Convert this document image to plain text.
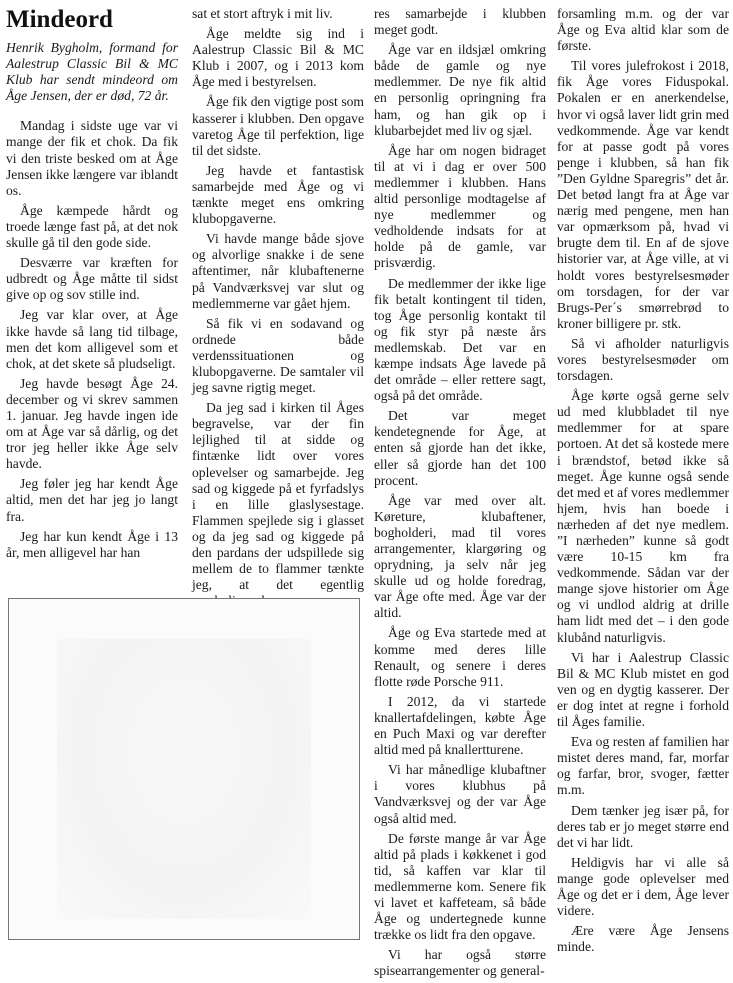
Mindeord

Henrik Bygholm, formand for Aalestrup Classic Bil & MC Klub har sendt mindeord om Åge Jensen, der er død, 72 år.

Mandag i sidste uge var vi mange der fik et chok. Da fik vi den triste besked om at Åge Jensen ikke længere var iblandt os.

Åge kæmpede hårdt og troede længe fast på, at det nok skulle gå til den gode side.

Desværre var kræften for udbredt og Åge måtte til sidst give op og sov stille ind.

Jeg var klar over, at Åge ikke havde så lang tid tilbage, men det kom alligevel som et chok, at det skete så pludseligt.

Jeg havde besøgt Åge 24. december og vi skrev sammen 1. januar. Jeg havde ingen ide om at Åge var så dårlig, og det tror jeg heller ikke Åge selv havde.

Jeg føler jeg har kendt Åge altid, men det har jeg jo langt fra.

Jeg har kun kendt Åge i 13 år, men alligevel har han

sat et stort aftryk i mit liv.

Åge meldte sig ind i Aalestrup Classic Bil & MC Klub i 2007, og i 2013 kom Åge med i bestyrelsen.

Åge fik den vigtige post som kasserer i klubben. Den opgave varetog Åge til perfektion, lige til det sidste.

Jeg havde et fantastisk samarbejde med Åge og vi tænkte meget ens omkring klubopgaverne.

Vi havde mange både sjove og alvorlige snakke i de sene aftentimer, når klubaftenerne på Vandværksvej var slut og medlemmerne var gået hjem.

Så fik vi en sodavand og ordnede både verdenssituationen og klubopgaverne. De samtaler vil jeg savne rigtig meget.

Da jeg sad i kirken til Åges begravelse, var der fin lejlighed til at sidde og fintænke lidt over vores oplevelser og samarbejde. Jeg sad og kiggede på et fyrfadslys i en lille glaslysestage. Flammen spejlede sig i glasset og da jeg sad og kiggede på den pardans der udspillede sig mellem de to flammer tænkte jeg, at det egentlig

res samarbejde i klubben meget godt.

Åge var en ildsjæl omkring både de gamle og nye medlemmer. De nye fik altid en personlig opringning fra ham, og han gik op i klubarbejdet med liv og sjæl.

Åge har om nogen bidraget til at vi i dag er over 500 medlemmer i klubben. Hans altid personlige modtagelse af nye medlemmer og vedholdende indsats for at holde på de gamle, var prisværdig.

De medlemmer der ikke lige fik betalt kontingent til tiden, tog Åge personlig kontakt til og fik styr på næste års medlemskab. Det var en kæmpe indsats Åge lavede på det område – eller rettere sagt, også på det område.

Det var meget kendetegnende for Åge, at enten så gjorde han det ikke, eller så gjorde han det 100 procent.

Åge var med over alt. Køreture, klubaftener, bogholderi, mad til vores arrangementer, klargøring og oprydning, ja selv når jeg skulle ud og holde foredrag, var Åge ofte med. Åge var der altid.

Åge og Eva startede med at komme med deres lille Renault, og senere i deres flotte røde Porsche 911.

I 2012, da vi startede knallertafdelingen, købte Åge en Puch Maxi og var derefter altid med på knallertturene.

Vi har månedlige klubaftner i vores klubhus på Vandværksvej og der var Åge også altid med.

De første mange år var Åge altid på plads i køkkenet i god tid, så kaffen var klar til medlemmerne kom. Senere fik vi lavet et kaffeteam, så både Åge og undertegnede kunne trække os lidt fra den opgave.

Vi har også større spisearrangementer og general-

forsamling m.m. og der var Åge og Eva altid klar som de første.

Til vores julefrokost i 2018, fik Åge vores Fiduspokal. Pokalen er en anerkendelse, hvor vi også laver lidt grin med vedkommende. Åge var kendt for at passe godt på vores penge i klubben, så han fik ”Den Gyldne Sparegris” det år. Det betød langt fra at Åge var nærig med pengene, men han var opmærksom på, hvad vi brugte dem til. En af de sjove historier var, at Åge ville, at vi holdt vores bestyrelsesmøder om torsdagen, for der var Brugs-Per´s smørrebrød to kroner billigere pr. stk.

Så vi afholder naturligvis vores bestyrelsesmøder om torsdagen.

Åge kørte også gerne selv ud med klubbladet til nye medlemmer for at spare portoen. At det så kostede mere i brændstof, betød ikke så meget. Åge kunne også sende det med et af vores medlemmer hjem, hvis han boede i nærheden af det nye medlem. ”I nærheden” kunne så godt være 10-15 km fra vedkommende. Sådan var der mange sjove historier om Åge og vi undlod aldrig at drille ham lidt med det – i den gode klubånd naturligvis.

Vi har i Aalestrup Classic Bil & MC Klub mistet en god ven og en dygtig kasserer. Der er dog intet at regne i forhold til Åges familie.

Eva og resten af familien har mistet deres mand, far, morfar og farfar, bror, svoger, fætter m.m.

Dem tænker jeg især på, for deres tab er jo meget større end det vi har lidt.

Heldigvis har vi alle så mange gode oplevelser med Åge og det er i dem, Åge lever videre.

Ære være Åge Jensens minde.
